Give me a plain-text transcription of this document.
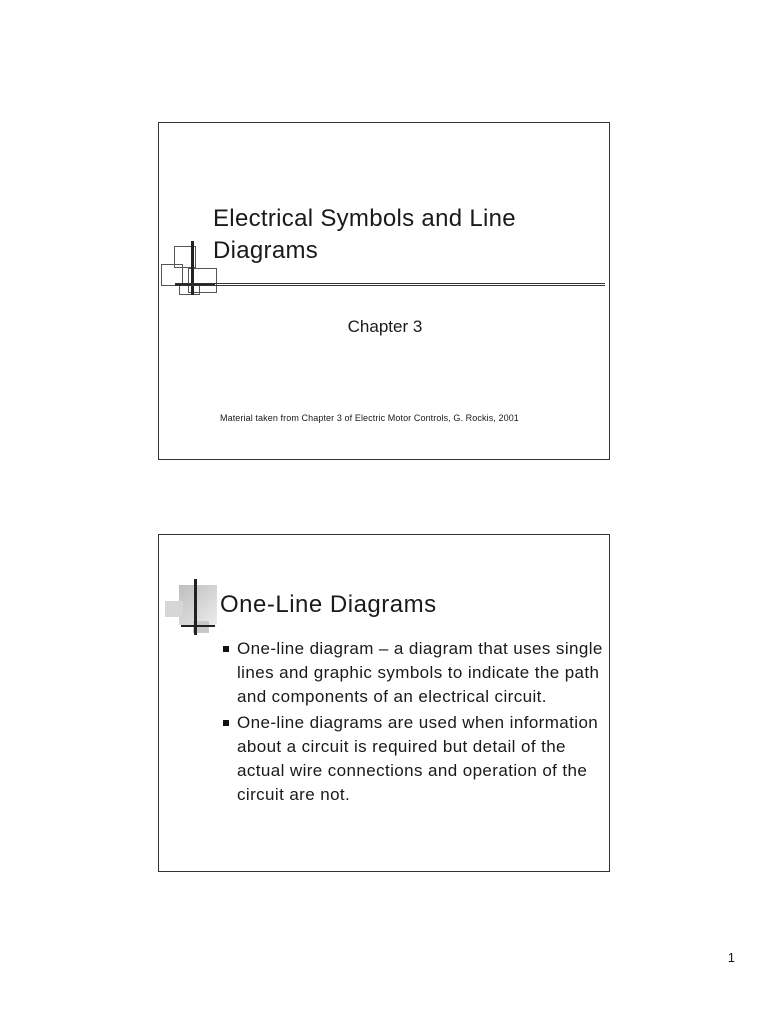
Electrical Symbols and Line Diagrams
Chapter 3
Material taken from Chapter 3 of Electric Motor Controls, G. Rockis, 2001
One-Line Diagrams
One-line diagram – a diagram that uses single lines and graphic symbols to indicate the path and components of an electrical circuit.
One-line diagrams are used when information about a circuit is required but detail of the actual wire connections and operation of the circuit are not.
1
